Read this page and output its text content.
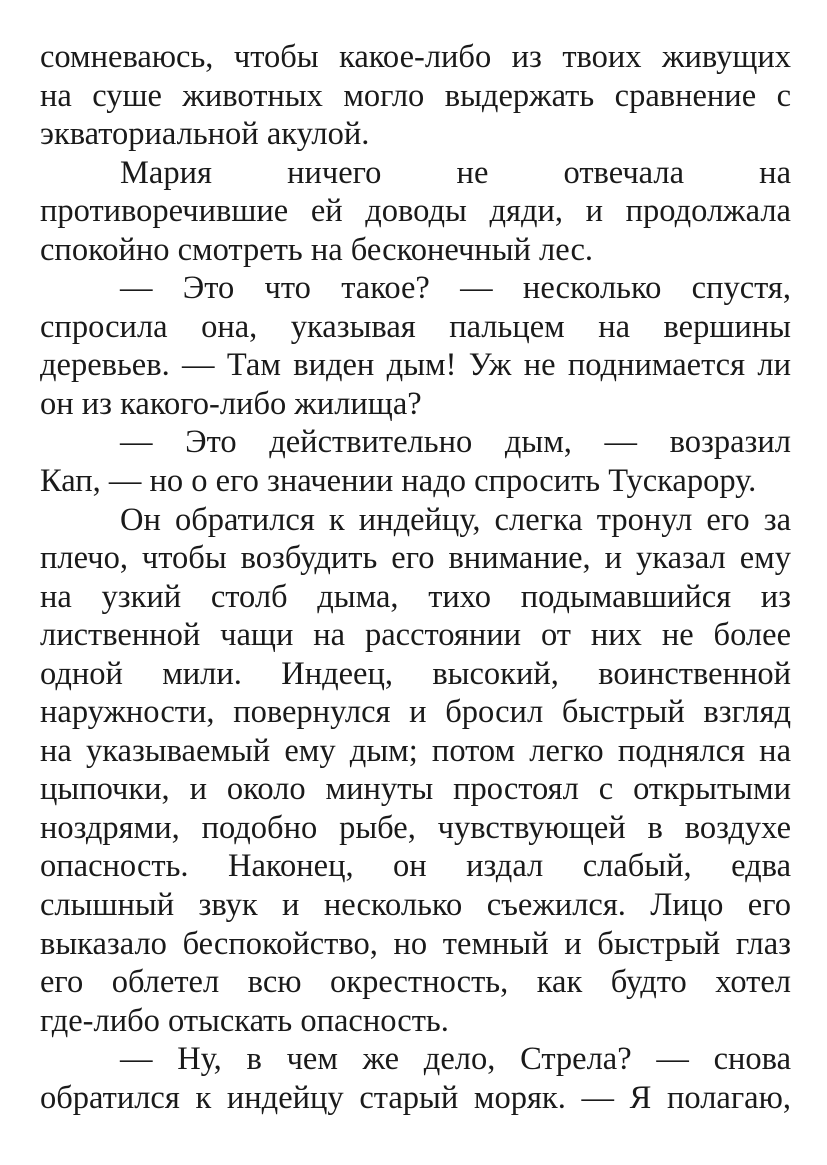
сомневаюсь, чтобы какое-либо из твоих живущих
на суше животных могло выдержать сравнение с
экваториальной акулой.
Мария ничего не отвечала на
противоречившие ей доводы дяди, и продолжала
спокойно смотреть на бесконечный лес.
— Это что такое? — несколько спустя,
спросила она, указывая пальцем на вершины
деревьев. — Там виден дым! Уж не поднимается ли
он из какого-либо жилища?
— Это действительно дым, — возразил
Кап, — но о его значении надо спросить Тускарору.
Он обратился к индейцу, слегка тронул его за
плечо, чтобы возбудить его внимание, и указал ему
на узкий столб дыма, тихо подымавшийся из
лиственной чащи на расстоянии от них не более
одной мили. Индеец, высокий, воинственной
наружности, повернулся и бросил быстрый взгляд
на указываемый ему дым; потом легко поднялся на
цыпочки, и около минуты простоял с открытыми
ноздрями, подобно рыбе, чувствующей в воздухе
опасность. Наконец, он издал слабый, едва
слышный звук и несколько съежился. Лицо его
выказало беспокойство, но темный и быстрый глаз
его облетел всю окрестность, как будто хотел
где-либо отыскать опасность.
— Ну, в чем же дело, Стрела? — снова
обратился к индейцу старый моряк. — Я полагаю,
